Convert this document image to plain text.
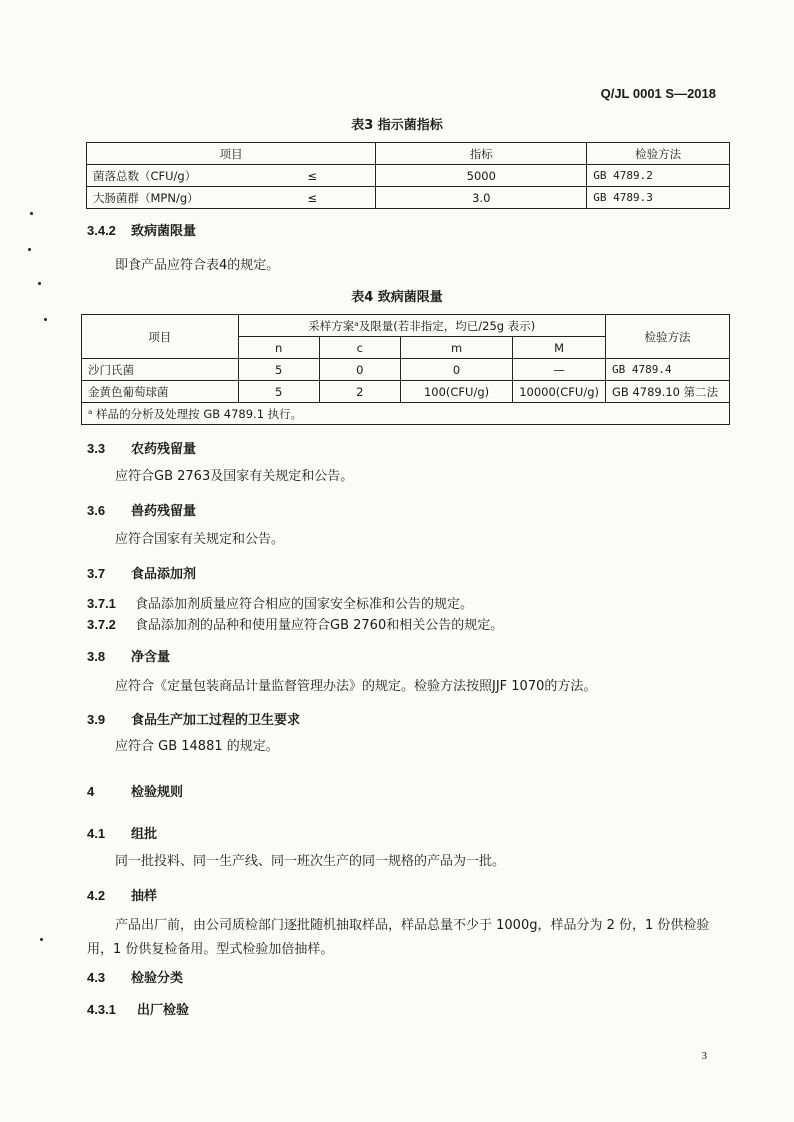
Q/JL 0001 S—2018
表3 指示菌指标
项目		指标	检验方法
菌落总数（CFU/g）	≤	5000	GB 4789.2
大肠菌群（MPN/g）	≤	3.0	GB 4789.3
3.4.2 致病菌限量
即食产品应符合表4的规定。
表4 致病菌限量
项目	采样方案ᵃ及限量(若非指定，均已/25g 表示)				检验方法
	n	c	m	M	
沙门氏菌	5	0	0	—	GB 4789.4
金黄色葡萄球菌	5	2	100(CFU/g)	10000(CFU/g)	GB 4789.10 第二法
ᵃ 样品的分析及处理按 GB 4789.1 执行。					
3.3 农药残留量
应符合GB 2763及国家有关规定和公告。
3.6 兽药残留量
应符合国家有关规定和公告。
3.7 食品添加剂
3.7.1 食品添加剂质量应符合相应的国家安全标准和公告的规定。
3.7.2 食品添加剂的品种和使用量应符合GB 2760和相关公告的规定。
3.8 净含量
应符合《定量包装商品计量监督管理办法》的规定。检验方法按照JJF 1070的方法。
3.9 食品生产加工过程的卫生要求
应符合 GB 14881 的规定。
4	检验规则
4.1 组批
同一批投料、同一生产线、同一班次生产的同一规格的产品为一批。
4.2 抽样
产品出厂前，由公司质检部门逐批随机抽取样品，样品总量不少于 1000g，样品分为 2 份，1 份供检验用，1 份供复检备用。型式检验加倍抽样。
4.3 检验分类
4.3.1 出厂检验
3
